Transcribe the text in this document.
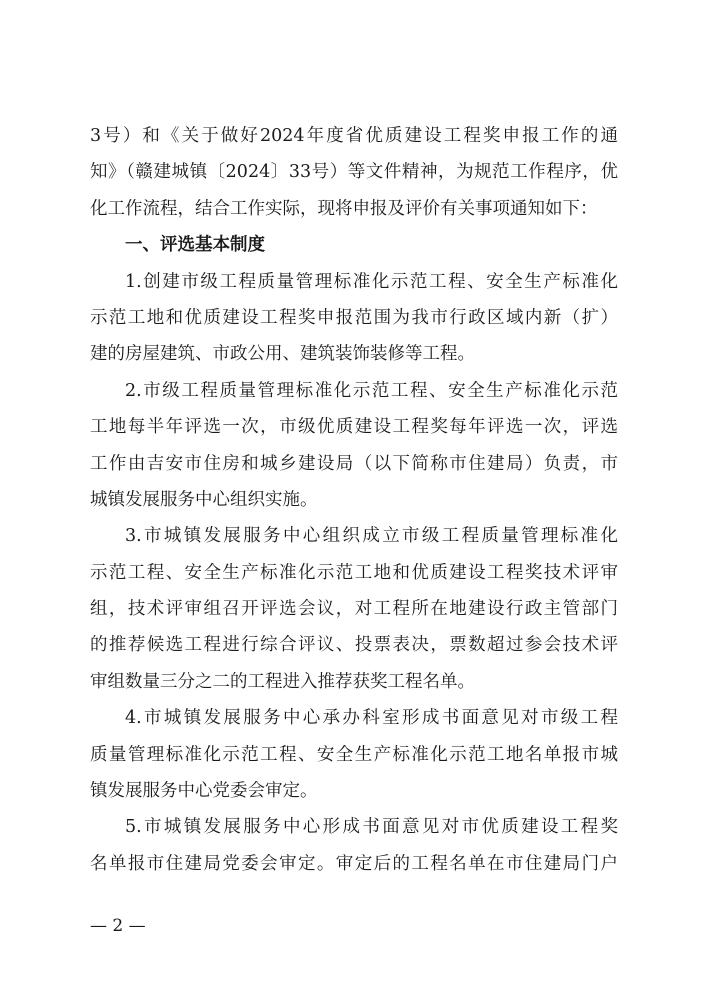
3号）和《关于做好2024年度省优质建设工程奖申报工作的通
知》（赣建城镇〔2024〕33号）等文件精神，为规范工作程序，优
化工作流程，结合工作实际，现将申报及评价有关事项通知如下：
一、评选基本制度
1.创建市级工程质量管理标准化示范工程、安全生产标准化
示范工地和优质建设工程奖申报范围为我市行政区域内新（扩）
建的房屋建筑、市政公用、建筑装饰装修等工程。
2.市级工程质量管理标准化示范工程、安全生产标准化示范
工地每半年评选一次，市级优质建设工程奖每年评选一次，评选
工作由吉安市住房和城乡建设局（以下简称市住建局）负责，市
城镇发展服务中心组织实施。
3.市城镇发展服务中心组织成立市级工程质量管理标准化
示范工程、安全生产标准化示范工地和优质建设工程奖技术评审
组，技术评审组召开评选会议，对工程所在地建设行政主管部门
的推荐候选工程进行综合评议、投票表决，票数超过参会技术评
审组数量三分之二的工程进入推荐获奖工程名单。
4.市城镇发展服务中心承办科室形成书面意见对市级工程
质量管理标准化示范工程、安全生产标准化示范工地名单报市城
镇发展服务中心党委会审定。
5.市城镇发展服务中心形成书面意见对市优质建设工程奖
名单报市住建局党委会审定。审定后的工程名单在市住建局门户
— 2 —
